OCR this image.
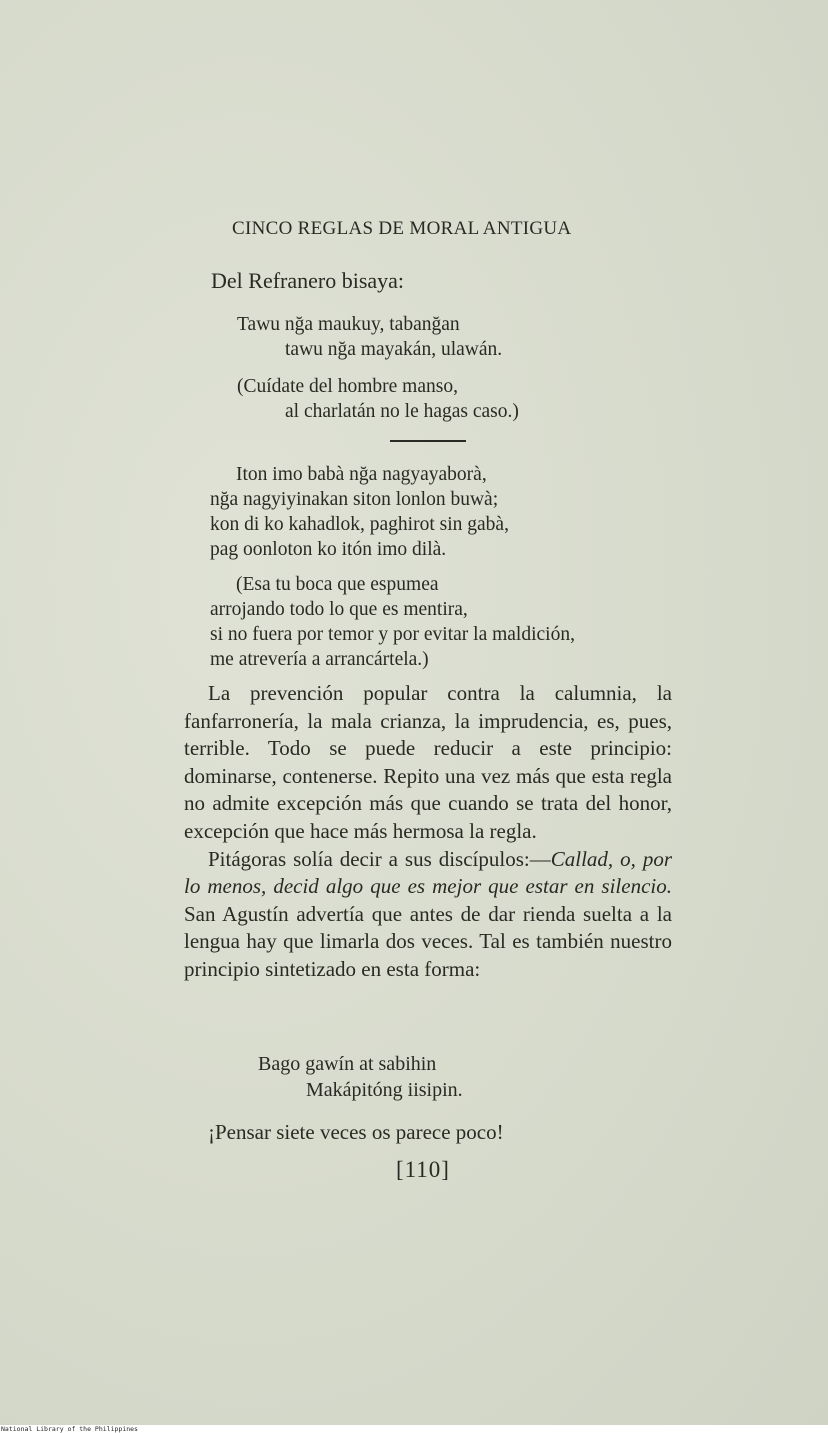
CINCO REGLAS DE MORAL ANTIGUA
Del Refranero bisaya:
Tawu nğa maukuy, tabanğan
tawu nğa mayakán, ulawán.
(Cuídate del hombre manso,
al charlatán no le hagas caso.)
Iton imo babà nğa nagyayaborà,
nğa nagyiyinakan siton lonlon buwà;
kon di ko kahadlok, paghirot sin gabà,
pag oonloton ko itón imo dilà.
(Esa tu boca que espumea
arrojando todo lo que es mentira,
si no fuera por temor y por evitar la maldición,
me atrevería a arrancártela.)

La prevención popular contra la calumnia, la fanfarronería, la mala crianza, la imprudencia, es, pues, terrible. Todo se puede reducir a este principio: dominarse, contenerse. Repito una vez más que esta regla no admite excepción más que cuando se trata del honor, excepción que hace más hermosa la regla.

Pitágoras solía decir a sus discípulos:—Callad, o, por lo menos, decid algo que es mejor que estar en silencio. San Agustín advertía que antes de dar rienda suelta a la lengua hay que limarla dos veces. Tal es también nuestro principio sintetizado en esta forma:

Bago gawín at sabihin
Makápitóng iisipin.
¡Pensar siete veces os parece poco!
[110]
National Library of the Philippines
